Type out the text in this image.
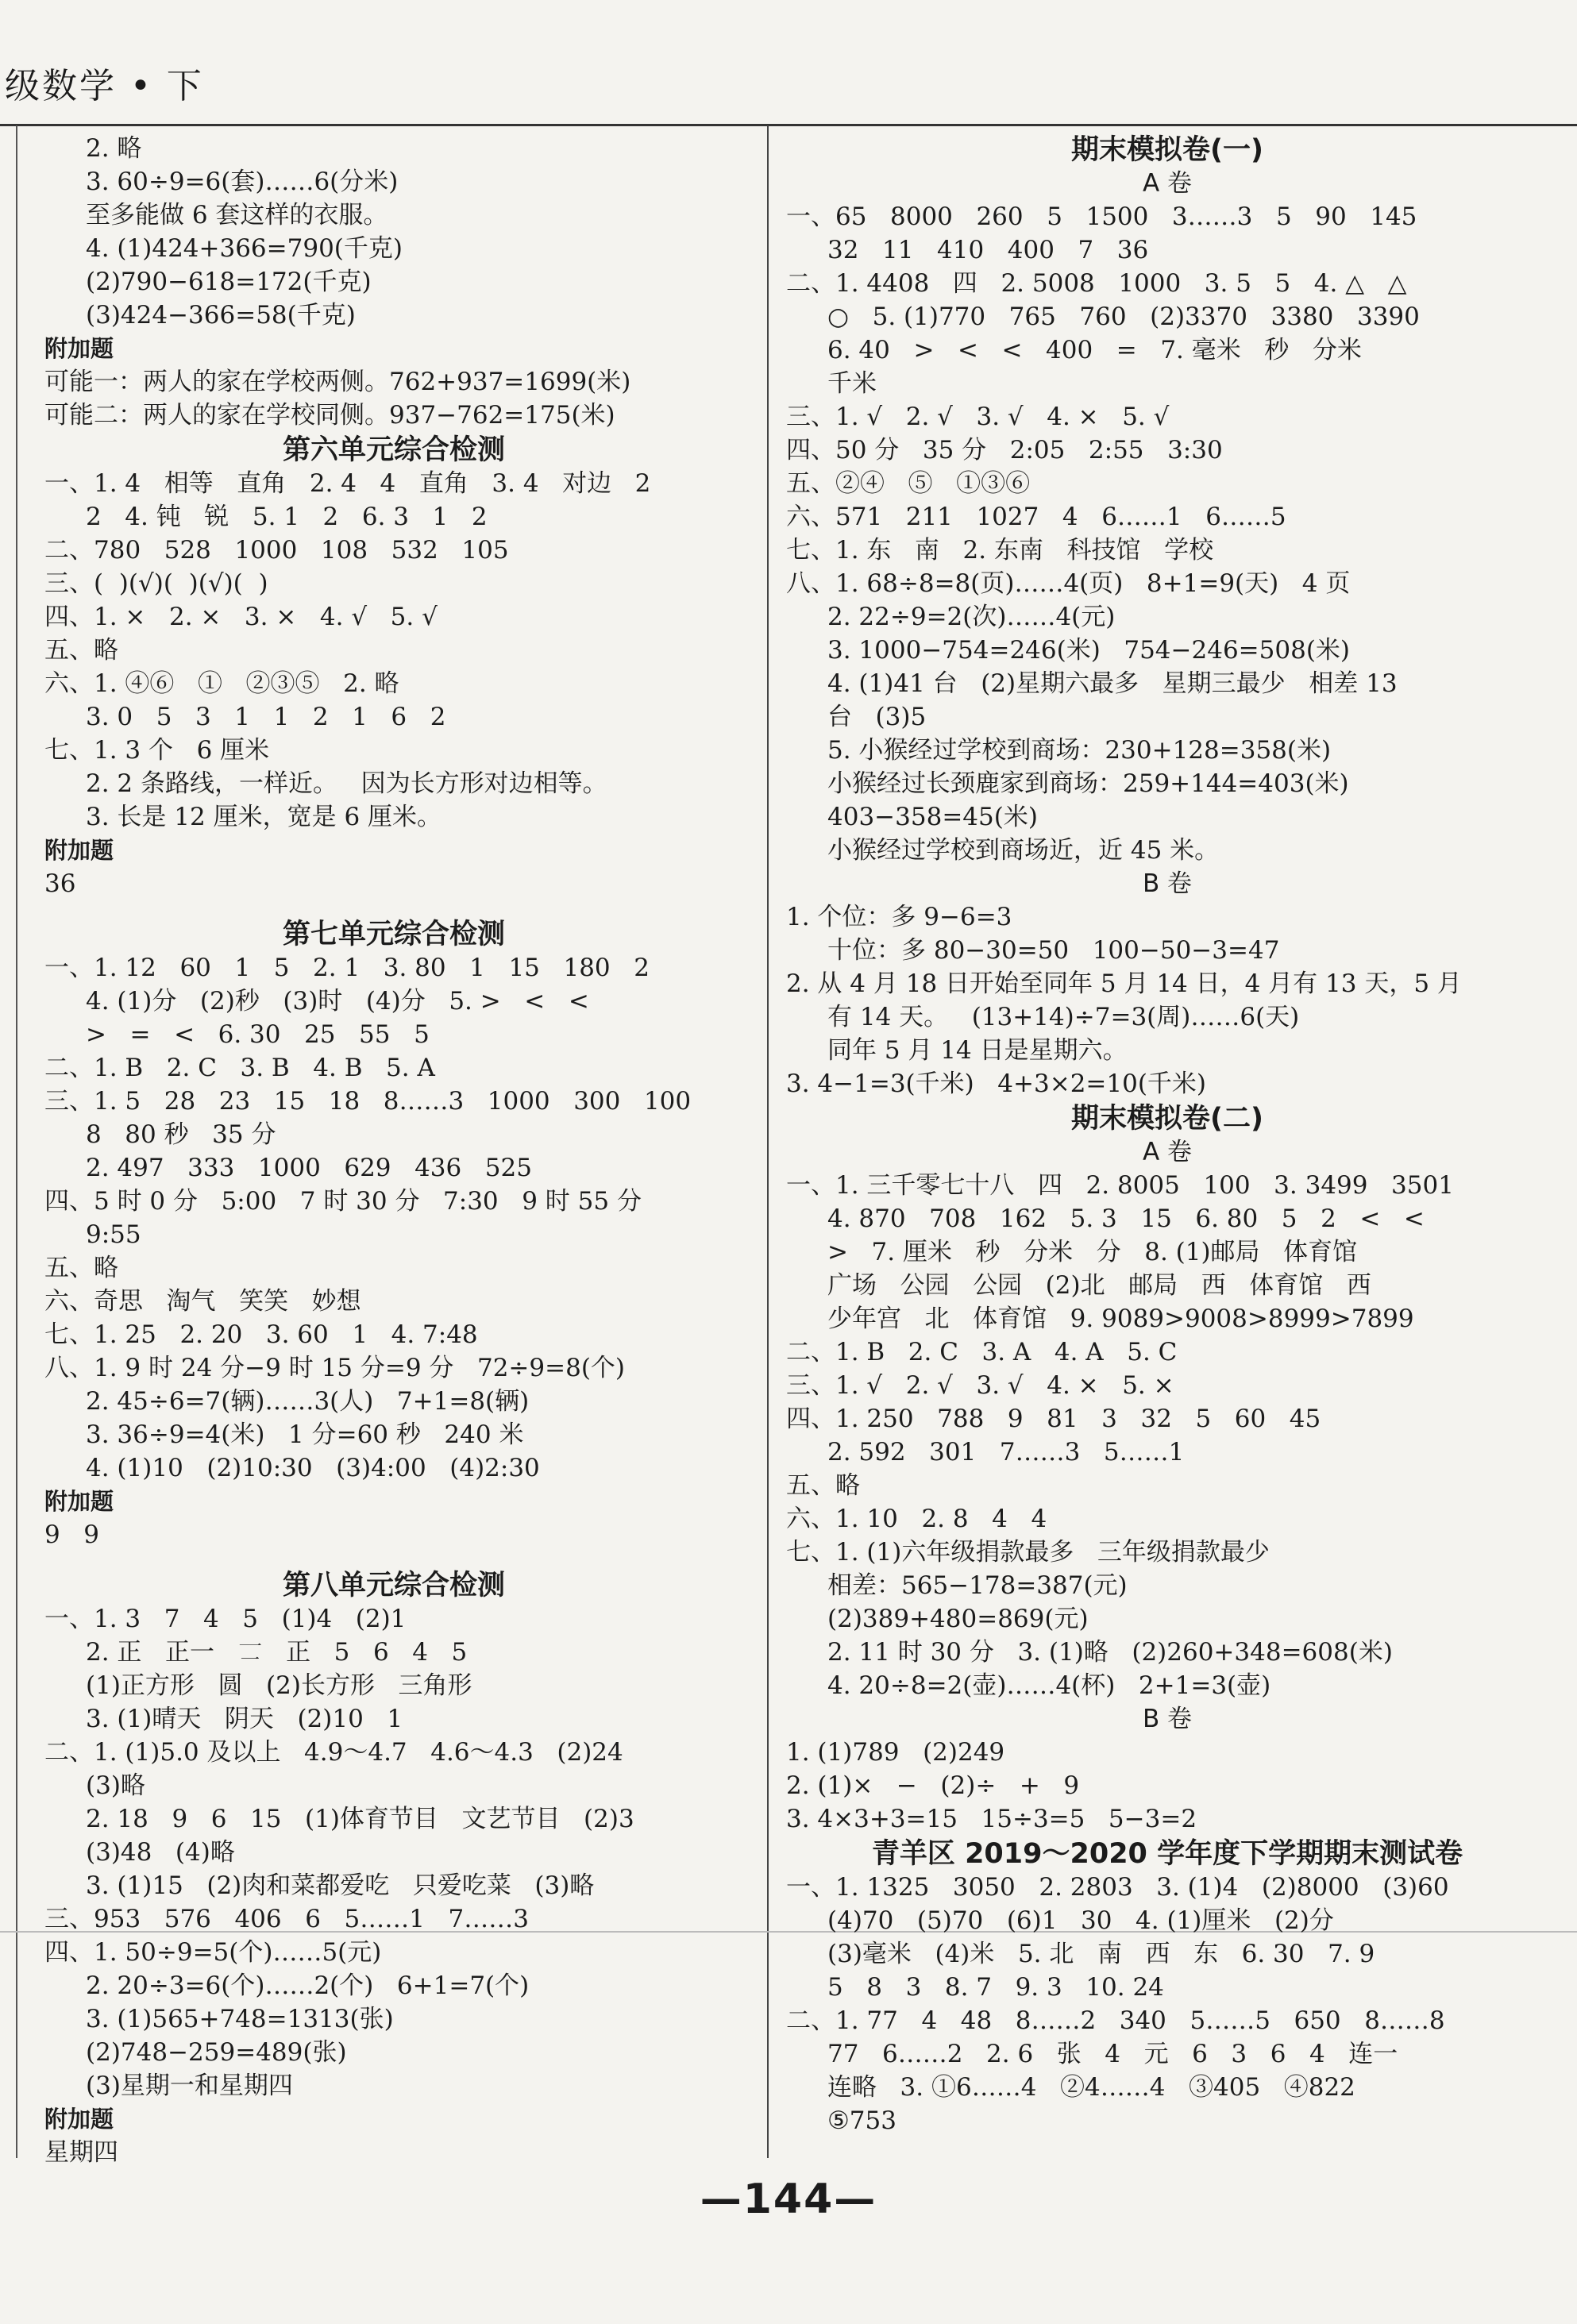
级数学 • 下
2. 略
3. 60÷9=6(套)……6(分米)
至多能做 6 套这样的衣服。
4. (1)424+366=790(千克)
(2)790−618=172(千克)
(3)424−366=58(千克)
附加题
可能一：两人的家在学校两侧。762+937=1699(米)
可能二：两人的家在学校同侧。937−762=175(米)
第六单元综合检测
一、1. 4   相等   直角   2. 4   4   直角   3. 4   对边   2
2   4. 钝   锐   5. 1   2   6. 3   1   2
二、780   528   1000   108   532   105
三、(  )(√)(  )(√)(  )
四、1. ×   2. ×   3. ×   4. √   5. √
五、略
六、1. ④⑥   ①   ②③⑤   2. 略
3. 0   5   3   1   1   2   1   6   2
七、1. 3 个   6 厘米
2. 2 条路线，一样近。   因为长方形对边相等。
3. 长是 12 厘米，宽是 6 厘米。
附加题
36
第七单元综合检测
一、1. 12   60   1   5   2. 1   3. 80   1   15   180   2
4. (1)分   (2)秒   (3)时   (4)分   5. >   <   <
>   =   <   6. 30   25   55   5
二、1. B   2. C   3. B   4. B   5. A
三、1. 5   28   23   15   18   8……3   1000   300   100
8   80 秒   35 分
2. 497   333   1000   629   436   525
四、5 时 0 分   5:00   7 时 30 分   7:30   9 时 55 分
9:55
五、略
六、奇思   淘气   笑笑   妙想
七、1. 25   2. 20   3. 60   1   4. 7:48
八、1. 9 时 24 分−9 时 15 分=9 分   72÷9=8(个)
2. 45÷6=7(辆)……3(人)   7+1=8(辆)
3. 36÷9=4(米)   1 分=60 秒   240 米
4. (1)10   (2)10:30   (3)4:00   (4)2:30
附加题
9   9
第八单元综合检测
一、1. 3   7   4   5   (1)4   (2)1
2. 正   正一   𠄟   正   5   6   4   5
(1)正方形   圆   (2)长方形   三角形
3. (1)晴天   阴天   (2)10   1
二、1. (1)5.0 及以上   4.9～4.7   4.6～4.3   (2)24
(3)略
2. 18   9   6   15   (1)体育节目   文艺节目   (2)3
(3)48   (4)略
3. (1)15   (2)肉和菜都爱吃   只爱吃菜   (3)略
三、953   576   406   6   5……1   7……3
四、1. 50÷9=5(个)……5(元)
2. 20÷3=6(个)……2(个)   6+1=7(个)
3. (1)565+748=1313(张)
(2)748−259=489(张)
(3)星期一和星期四
附加题
星期四
期末模拟卷(一)
A 卷
一、65   8000   260   5   1500   3……3   5   90   145
32   11   410   400   7   36
二、1. 4408   四   2. 5008   1000   3. 5   5   4. △   △
○   5. (1)770   765   760   (2)3370   3380   3390
6. 40   >   <   <   400   =   7. 毫米   秒   分米
千米
三、1. √   2. √   3. √   4. ×   5. √
四、50 分   35 分   2:05   2:55   3:30
五、②④   ⑤   ①③⑥
六、571   211   1027   4   6……1   6……5
七、1. 东   南   2. 东南   科技馆   学校
八、1. 68÷8=8(页)……4(页)   8+1=9(天)   4 页
2. 22÷9=2(次)……4(元)
3. 1000−754=246(米)   754−246=508(米)
4. (1)41 台   (2)星期六最多   星期三最少   相差 13
台   (3)5
5. 小猴经过学校到商场：230+128=358(米)
小猴经过长颈鹿家到商场：259+144=403(米)
403−358=45(米)
小猴经过学校到商场近，近 45 米。
B 卷
1. 个位：多 9−6=3
十位：多 80−30=50   100−50−3=47
2. 从 4 月 18 日开始至同年 5 月 14 日，4 月有 13 天，5 月
有 14 天。   (13+14)÷7=3(周)……6(天)
同年 5 月 14 日是星期六。
3. 4−1=3(千米)   4+3×2=10(千米)
期末模拟卷(二)
A 卷
一、1. 三千零七十八   四   2. 8005   100   3. 3499   3501
4. 870   708   162   5. 3   15   6. 80   5   2   <   <
>   7. 厘米   秒   分米   分   8. (1)邮局   体育馆
广场   公园   公园   (2)北   邮局   西   体育馆   西
少年宫   北   体育馆   9. 9089>9008>8999>7899
二、1. B   2. C   3. A   4. A   5. C
三、1. √   2. √   3. √   4. ×   5. ×
四、1. 250   788   9   81   3   32   5   60   45
2. 592   301   7……3   5……1
五、略
六、1. 10   2. 8   4   4
七、1. (1)六年级捐款最多   三年级捐款最少
相差：565−178=387(元)
(2)389+480=869(元)
2. 11 时 30 分   3. (1)略   (2)260+348=608(米)
4. 20÷8=2(壶)……4(杯)   2+1=3(壶)
B 卷
1. (1)789   (2)249
2. (1)×   −   (2)÷   +   9
3. 4×3+3=15   15÷3=5   5−3=2
青羊区 2019～2020 学年度下学期期末测试卷
一、1. 1325   3050   2. 2803   3. (1)4   (2)8000   (3)60
(4)70   (5)70   (6)1   30   4. (1)厘米   (2)分
(3)毫米   (4)米   5. 北   南   西   东   6. 30   7. 9
5   8   3   8. 7   9. 3   10. 24
二、1. 77   4   48   8……2   340   5……5   650   8……8
77   6……2   2. 6   张   4   元   6   3   6   4   连一
连略   3. ①6……4   ②4……4   ③405   ④822
⑤753
—144—
